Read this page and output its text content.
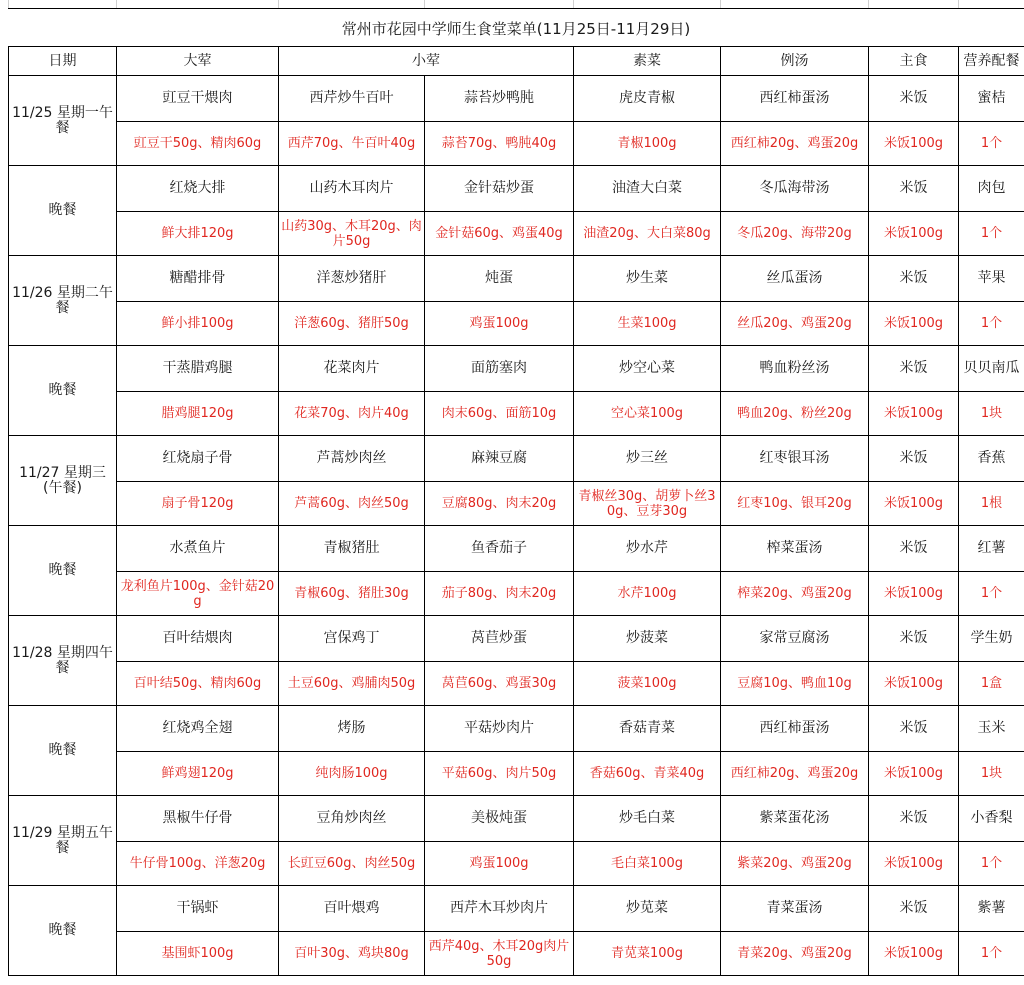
常州市花园中学师生食堂菜单(11月25日-11月29日)
日期	大荤	小荤		素菜	例汤	主食	营养配餐
11/25 星期一午餐	豇豆干煨肉	西芹炒牛百叶	蒜苔炒鸭肫	虎皮青椒	西红柿蛋汤	米饭	蜜桔
	豇豆干50g、精肉60g	西芹70g、牛百叶40g	蒜苔70g、鸭肫40g	青椒100g	西红柿20g、鸡蛋20g	米饭100g	1个
晚餐	红烧大排	山药木耳肉片	金针菇炒蛋	油渣大白菜	冬瓜海带汤	米饭	肉包
	鲜大排120g	山药30g、木耳20g、肉片50g	金针菇60g、鸡蛋40g	油渣20g、大白菜80g	冬瓜20g、海带20g	米饭100g	1个
11/26 星期二午餐	糖醋排骨	洋葱炒猪肝	炖蛋	炒生菜	丝瓜蛋汤	米饭	苹果
	鲜小排100g	洋葱60g、猪肝50g	鸡蛋100g	生菜100g	丝瓜20g、鸡蛋20g	米饭100g	1个
晚餐	干蒸腊鸡腿	花菜肉片	面筋塞肉	炒空心菜	鸭血粉丝汤	米饭	贝贝南瓜
	腊鸡腿120g	花菜70g、肉片40g	肉末60g、面筋10g	空心菜100g	鸭血20g、粉丝20g	米饭100g	1块
11/27 星期三(午餐)	红烧扇子骨	芦蒿炒肉丝	麻辣豆腐	炒三丝	红枣银耳汤	米饭	香蕉
	扇子骨120g	芦蒿60g、肉丝50g	豆腐80g、肉末20g	青椒丝30g、胡萝卜丝30g、豆芽30g	红枣10g、银耳20g	米饭100g	1根
晚餐	水煮鱼片	青椒猪肚	鱼香茄子	炒水芹	榨菜蛋汤	米饭	红薯
	龙利鱼片100g、金针菇20g	青椒60g、猪肚30g	茄子80g、肉末20g	水芹100g	榨菜20g、鸡蛋20g	米饭100g	1个
11/28 星期四午餐	百叶结煨肉	宫保鸡丁	莴苣炒蛋	炒菠菜	家常豆腐汤	米饭	学生奶
	百叶结50g、精肉60g	土豆60g、鸡脯肉50g	莴苣60g、鸡蛋30g	菠菜100g	豆腐10g、鸭血10g	米饭100g	1盒
晚餐	红烧鸡全翅	烤肠	平菇炒肉片	香菇青菜	西红柿蛋汤	米饭	玉米
	鲜鸡翅120g	纯肉肠100g	平菇60g、肉片50g	香菇60g、青菜40g	西红柿20g、鸡蛋20g	米饭100g	1块
11/29 星期五午餐	黑椒牛仔骨	豆角炒肉丝	美极炖蛋	炒毛白菜	紫菜蛋花汤	米饭	小香梨
	牛仔骨100g、洋葱20g	长豇豆60g、肉丝50g	鸡蛋100g	毛白菜100g	紫菜20g、鸡蛋20g	米饭100g	1个
晚餐	干锅虾	百叶煨鸡	西芹木耳炒肉片	炒苋菜	青菜蛋汤	米饭	紫薯
	基围虾100g	百叶30g、鸡块80g	西芹40g、木耳20g肉片50g	青苋菜100g	青菜20g、鸡蛋20g	米饭100g	1个
